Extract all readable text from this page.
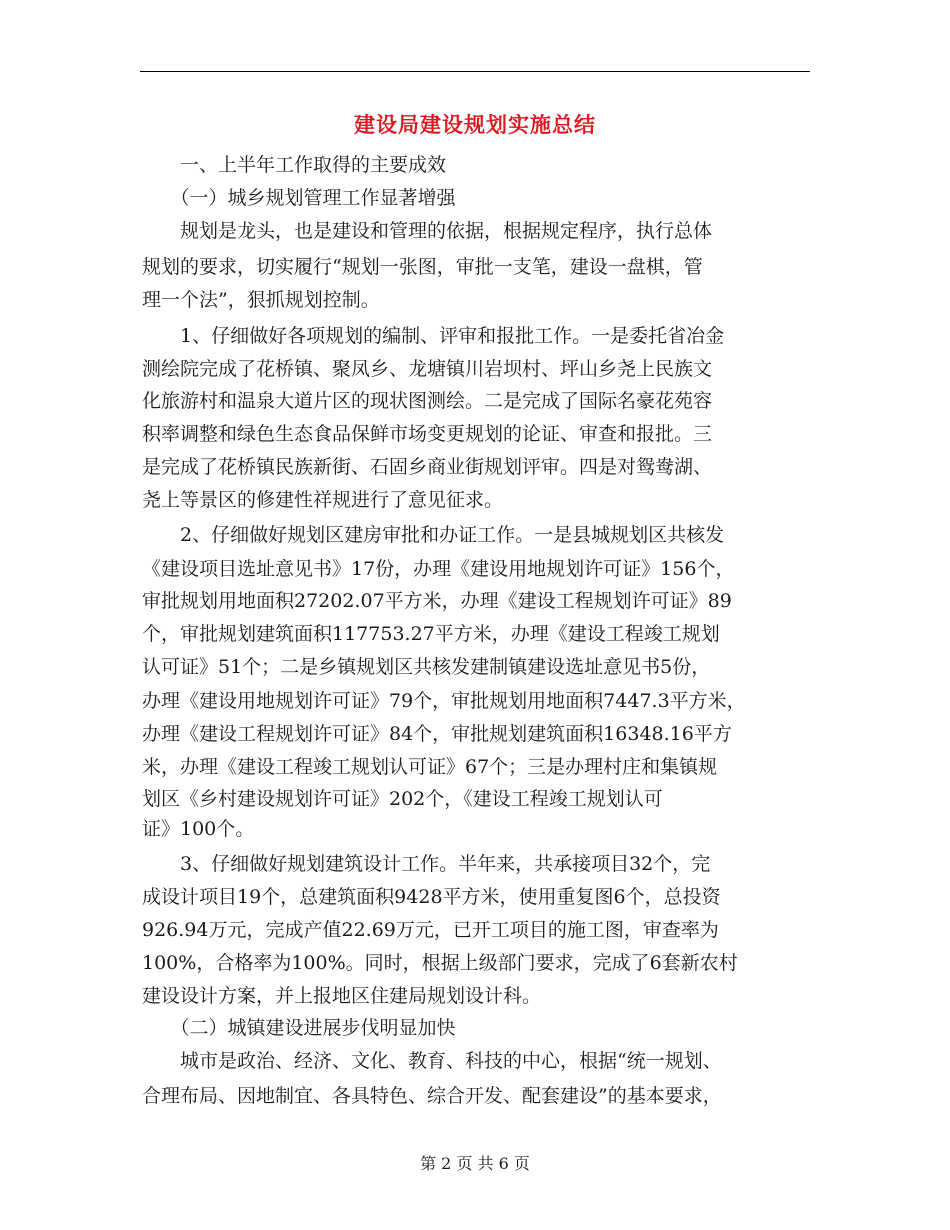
建设局建设规划实施总结
　　一、上半年工作取得的主要成效
　　（一）城乡规划管理工作显著增强
　　规划是龙头，也是建设和管理的依据，根据规定程序，执行总体
规划的要求，切实履行“规划一张图，审批一支笔，建设一盘棋，管
理一个法”，狠抓规划控制。
　　1、仔细做好各项规划的编制、评审和报批工作。一是委托省冶金
测绘院完成了花桥镇、聚凤乡、龙塘镇川岩坝村、坪山乡尧上民族文
化旅游村和温泉大道片区的现状图测绘。二是完成了国际名豪花苑容
积率调整和绿色生态食品保鲜市场变更规划的论证、审查和报批。三
是完成了花桥镇民族新街、石固乡商业街规划评审。四是对鸳鸯湖、
尧上等景区的修建性祥规进行了意见征求。
　　2、仔细做好规划区建房审批和办证工作。一是县城规划区共核发
《建设项目选址意见书》17份，办理《建设用地规划许可证》156个，
审批规划用地面积27202.07平方米，办理《建设工程规划许可证》89
个，审批规划建筑面积117753.27平方米，办理《建设工程竣工规划
认可证》51个；二是乡镇规划区共核发建制镇建设选址意见书5份，
办理《建设用地规划许可证》79个，审批规划用地面积7447.3平方米，
办理《建设工程规划许可证》84个，审批规划建筑面积16348.16平方
米，办理《建设工程竣工规划认可证》67个；三是办理村庄和集镇规
划区《乡村建设规划许可证》202个，《建设工程竣工规划认可
证》100个。
　　3、仔细做好规划建筑设计工作。半年来，共承接项目32个，完
成设计项目19个，总建筑面积9428平方米，使用重复图6个，总投资
926.94万元，完成产值22.69万元，已开工项目的施工图，审查率为
100%，合格率为100%。同时，根据上级部门要求，完成了6套新农村
建设设计方案，并上报地区住建局规划设计科。
　　（二）城镇建设进展步伐明显加快
　　城市是政治、经济、文化、教育、科技的中心，根据“统一规划、
合理布局、因地制宜、各具特色、综合开发、配套建设”的基本要求，
第 2 页 共 6 页
